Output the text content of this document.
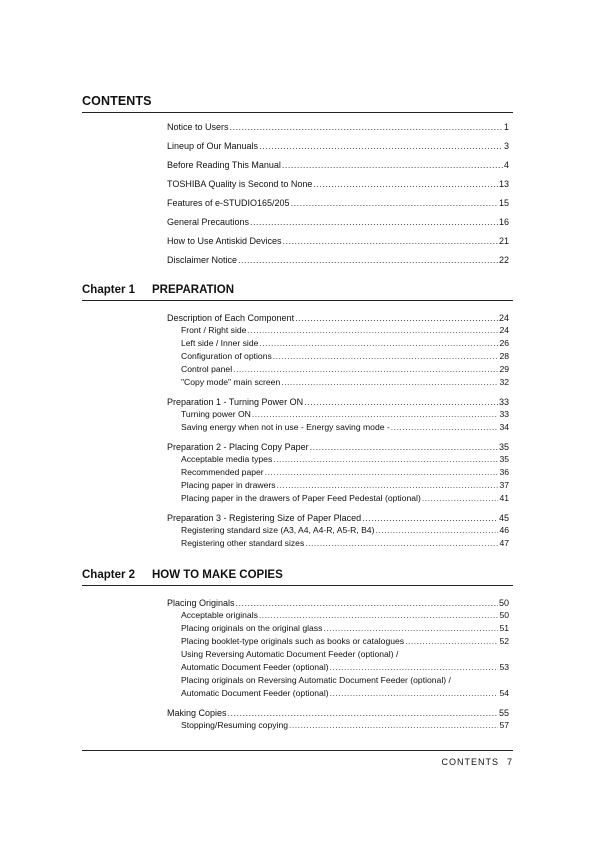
CONTENTS
Notice to Users .....	1
Lineup of Our Manuals .....	3
Before Reading This Manual .....	4
TOSHIBA Quality is Second to None .....	13
Features of e-STUDIO165/205 .....	15
General Precautions .....	16
How to Use Antiskid Devices .....	21
Disclaimer Notice .....	22
Chapter 1 PREPARATION
Description of Each Component .....	24
Front / Right side .....	24
Left side / Inner side .....	26
Configuration of options .....	28
Control panel .....	29
"Copy mode" main screen .....	32
Preparation 1 - Turning Power ON .....	33
Turning power ON .....	33
Saving energy when not in use - Energy saving mode - .....	34
Preparation 2 - Placing Copy Paper .....	35
Acceptable media types .....	35
Recommended paper .....	36
Placing paper in drawers .....	37
Placing paper in the drawers of Paper Feed Pedestal (optional) .....	41
Preparation 3 - Registering Size of Paper Placed .....	45
Registering standard size (A3, A4, A4-R, A5-R, B4) .....	46
Registering other standard sizes .....	47
Chapter 2 HOW TO MAKE COPIES
Placing Originals .....	50
Acceptable originals .....	50
Placing originals on the original glass .....	51
Placing booklet-type originals such as books or catalogues .....	52
Using Reversing Automatic Document Feeder (optional) /
Automatic Document Feeder (optional) .....	53
Placing originals on Reversing Automatic Document Feeder (optional) /
Automatic Document Feeder (optional) .....	54
Making Copies .....	55
Stopping/Resuming copying .....	57
CONTENTS 7
